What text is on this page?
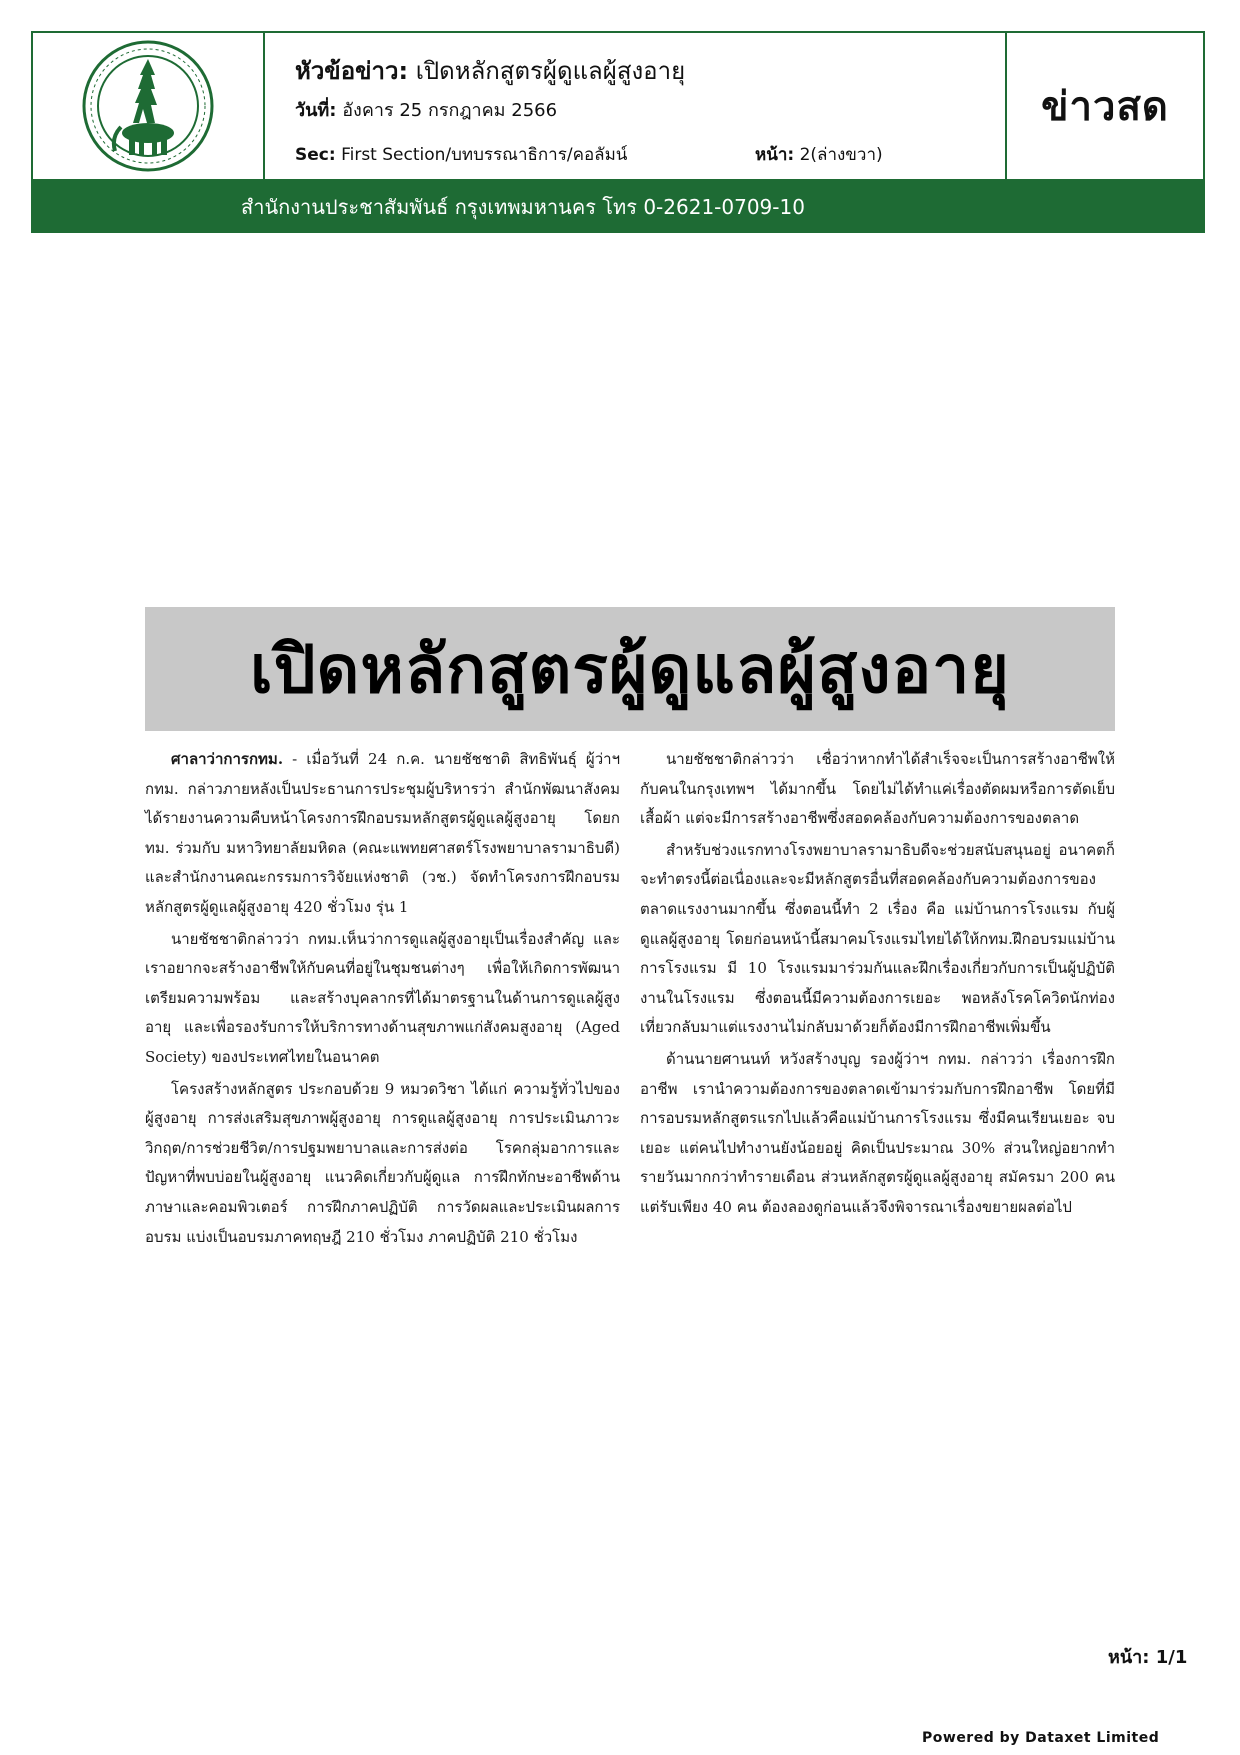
หัวข้อข่าว: เปิดหลักสูตรผู้ดูแลผู้สูงอายุ
วันที่: อังคาร 25 กรกฎาคม 2566
Sec: First Section/บทบรรณาธิการ/คอลัมน์	หน้า: 2(ล่างขวา)
ข่าวสด
สำนักงานประชาสัมพันธ์ กรุงเทพมหานคร โทร 0-2621-0709-10
เปิดหลักสูตรผู้ดูแลผู้สูงอายุ

ศาลาว่าการกทม. - เมื่อวันที่ 24 ก.ค. นายชัชชาติ สิทธิพันธุ์ ผู้ว่าฯ กทม. กล่าวภายหลังเป็นประธานการประชุมผู้บริหารว่า สำนักพัฒนาสังคม ได้รายงานความคืบหน้าโครงการฝึกอบรมหลักสูตรผู้ดูแลผู้สูงอายุ โดยกทม. ร่วมกับ มหาวิทยาลัยมหิดล (คณะแพทยศาสตร์โรงพยาบาลรามาธิบดี) และสำนักงานคณะกรรมการวิจัยแห่งชาติ (วช.) จัดทำโครงการฝึกอบรมหลักสูตรผู้ดูแลผู้สูงอายุ 420 ชั่วโมง รุ่น 1

นายชัชชาติกล่าวว่า กทม.เห็นว่าการดูแลผู้สูงอายุเป็นเรื่องสำคัญ และเราอยากจะสร้างอาชีพให้กับคนที่อยู่ในชุมชนต่างๆ เพื่อให้เกิดการพัฒนา เตรียมความพร้อม และสร้างบุคลากรที่ได้มาตรฐานในด้านการดูแลผู้สูงอายุ และเพื่อรองรับการให้บริการทางด้านสุขภาพแก่สังคมสูงอายุ (Aged Society) ของประเทศไทยในอนาคต

โครงสร้างหลักสูตร ประกอบด้วย 9 หมวดวิชา ได้แก่ ความรู้ทั่วไปของผู้สูงอายุ การส่งเสริมสุขภาพผู้สูงอายุ การดูแลผู้สูงอายุ การประเมินภาวะวิกฤต/การช่วยชีวิต/การปฐมพยาบาลและการส่งต่อ โรคกลุ่มอาการและปัญหาที่พบบ่อยในผู้สูงอายุ แนวคิดเกี่ยวกับผู้ดูแล การฝึกทักษะอาชีพด้านภาษาและคอมพิวเตอร์ การฝึกภาคปฏิบัติ การวัดผลและประเมินผลการอบรม แบ่งเป็นอบรมภาคทฤษฎี 210 ชั่วโมง ภาคปฏิบัติ 210 ชั่วโมง

นายชัชชาติกล่าวว่า เชื่อว่าหากทำได้สำเร็จจะเป็นการสร้างอาชีพให้กับคนในกรุงเทพฯ ได้มากขึ้น โดยไม่ได้ทำแค่เรื่องตัดผมหรือการตัดเย็บเสื้อผ้า แต่จะมีการสร้างอาชีพซึ่งสอดคล้องกับความต้องการของตลาด

สำหรับช่วงแรกทางโรงพยาบาลรามาธิบดีจะช่วยสนับสนุนอยู่ อนาคตก็จะทำตรงนี้ต่อเนื่องและจะมีหลักสูตรอื่นที่สอดคล้องกับความต้องการของตลาดแรงงานมากขึ้น ซึ่งตอนนี้ทำ 2 เรื่อง คือ แม่บ้านการโรงแรม กับผู้ดูแลผู้สูงอายุ โดยก่อนหน้านี้สมาคมโรงแรมไทยได้ให้กทม.ฝึกอบรมแม่บ้านการโรงแรม มี 10 โรงแรมมาร่วมกันและฝึกเรื่องเกี่ยวกับการเป็นผู้ปฏิบัติงานในโรงแรม ซึ่งตอนนี้มีความต้องการเยอะ พอหลังโรคโควิดนักท่องเที่ยวกลับมาแต่แรงงานไม่กลับมาด้วยก็ต้องมีการฝึกอาชีพเพิ่มขึ้น

ด้านนายศานนท์ หวังสร้างบุญ รองผู้ว่าฯ กทม. กล่าวว่า เรื่องการฝึกอาชีพ เรานำความต้องการของตลาดเข้ามาร่วมกับการฝึกอาชีพ โดยที่มีการอบรมหลักสูตรแรกไปแล้วคือแม่บ้านการโรงแรม ซึ่งมีคนเรียนเยอะ จบเยอะ แต่คนไปทำงานยังน้อยอยู่ คิดเป็นประมาณ 30% ส่วนใหญ่อยากทำรายวันมากกว่าทำรายเดือน ส่วนหลักสูตรผู้ดูแลผู้สูงอายุ สมัครมา 200 คน แต่รับเพียง 40 คน ต้องลองดูก่อนแล้วจึงพิจารณาเรื่องขยายผลต่อไป

หน้า: 1/1
Powered by Dataxet Limited
